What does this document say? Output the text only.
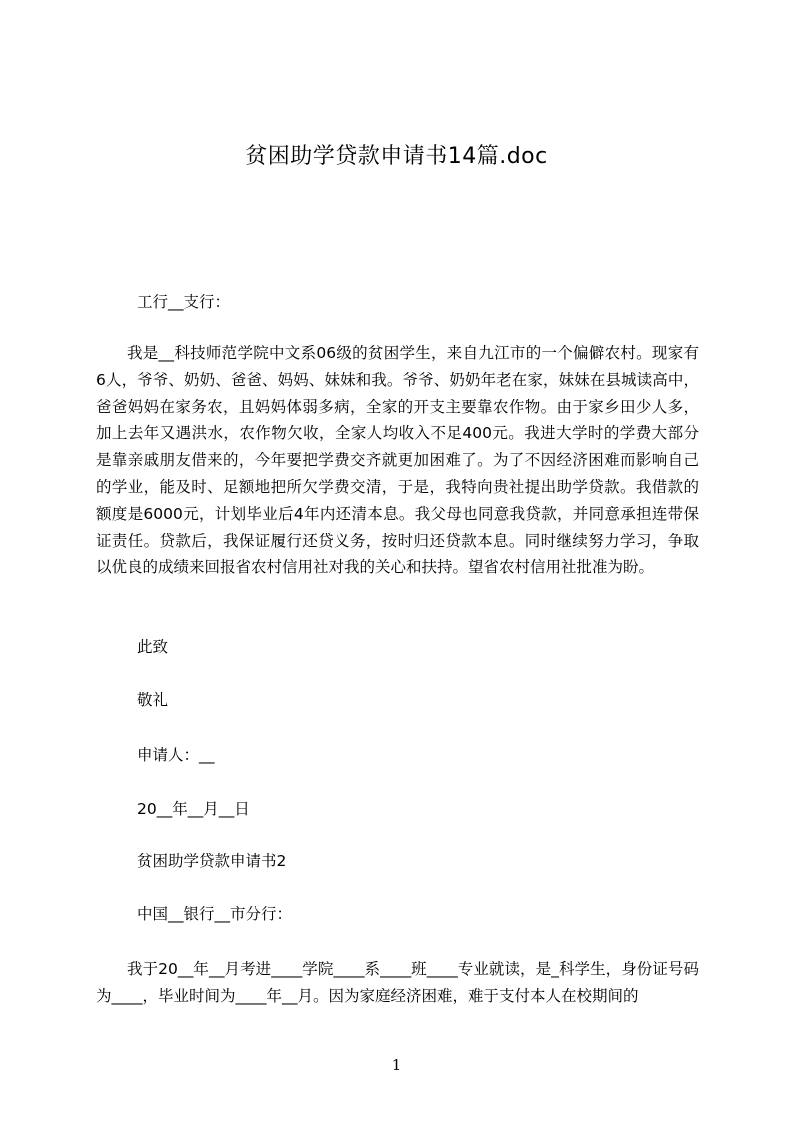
贫困助学贷款申请书14篇.doc
工行__支行：
我是__科技师范学院中文系06级的贫困学生，来自九江市的一个偏僻农村。现家有6人，爷爷、奶奶、爸爸、妈妈、妹妹和我。爷爷、奶奶年老在家，妹妹在县城读高中，爸爸妈妈在家务农，且妈妈体弱多病，全家的开支主要靠农作物。由于家乡田少人多，加上去年又遇洪水，农作物欠收，全家人均收入不足400元。我进大学时的学费大部分是靠亲戚朋友借来的，今年要把学费交齐就更加困难了。为了不因经济困难而影响自己的学业，能及时、足额地把所欠学费交清，于是，我特向贵社提出助学贷款。我借款的额度是6000元，计划毕业后4年内还清本息。我父母也同意我贷款，并同意承担连带保证责任。贷款后，我保证履行还贷义务，按时归还贷款本息。同时继续努力学习，争取以优良的成绩来回报省农村信用社对我的关心和扶持。望省农村信用社批准为盼。
此致
敬礼
申请人：__
20__年__月__日
贫困助学贷款申请书2
中国__银行__市分行：
我于20__年__月考进____学院____系____班____专业就读，是_科学生，身份证号码为____，毕业时间为____年__月。因为家庭经济困难，难于支付本人在校期间的
1
